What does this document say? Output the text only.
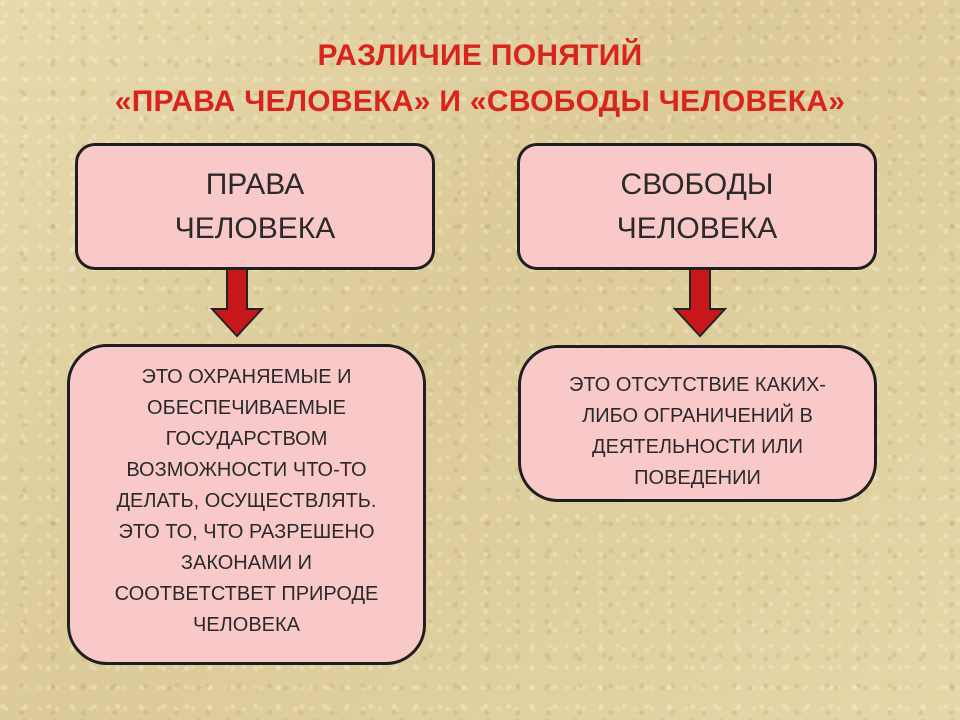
РАЗЛИЧИЕ ПОНЯТИЙ
«ПРАВА ЧЕЛОВЕКА» И «СВОБОДЫ ЧЕЛОВЕКА»
ПРАВА
ЧЕЛОВЕКА
СВОБОДЫ
ЧЕЛОВЕКА
ЭТО ОХРАНЯЕМЫЕ И
ОБЕСПЕЧИВАЕМЫЕ
ГОСУДАРСТВОМ
ВОЗМОЖНОСТИ ЧТО-ТО
ДЕЛАТЬ, ОСУЩЕСТВЛЯТЬ.
ЭТО ТО, ЧТО РАЗРЕШЕНО
ЗАКОНАМИ И
СООТВЕТСТВЕТ ПРИРОДЕ
ЧЕЛОВЕКА
ЭТО ОТСУТСТВИЕ КАКИХ-
ЛИБО ОГРАНИЧЕНИЙ В
ДЕЯТЕЛЬНОСТИ ИЛИ
ПОВЕДЕНИИ
